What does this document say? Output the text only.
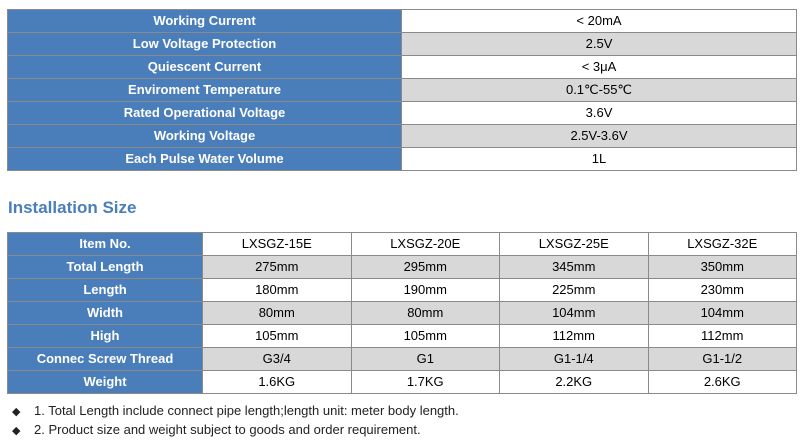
Working Current	< 20mA
Low Voltage Protection	2.5V
Quiescent Current	< 3μA
Enviroment Temperature	0.1℃-55℃
Rated Operational Voltage	3.6V
Working Voltage	2.5V-3.6V
Each Pulse Water Volume	1L
Installation Size
Item No.	LXSGZ-15E	LXSGZ-20E	LXSGZ-25E	LXSGZ-32E
Total Length	275mm	295mm	345mm	350mm
Length	180mm	190mm	225mm	230mm
Width	80mm	80mm	104mm	104mm
High	105mm	105mm	112mm	112mm
Connec Screw Thread	G3/4	G1	G1-1/4	G1-1/2
Weight	1.6KG	1.7KG	2.2KG	2.6KG
◆ 1. Total Length include connect pipe length;length unit: meter body length.
◆ 2. Product size and weight subject to goods and order requirement.
